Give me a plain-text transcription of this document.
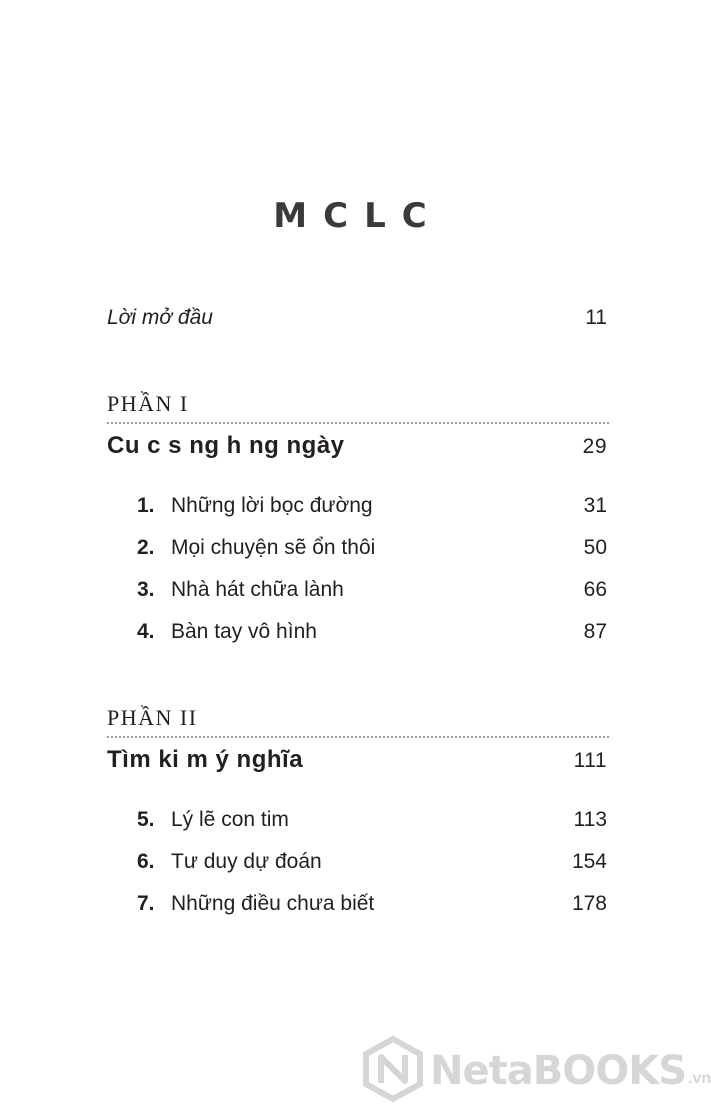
MCLC
Lời mở đầu	11
PHẦN I
Cu c s ng h ng ngày	29
1. Những lời bọc đường	31
2. Mọi chuyện sẽ ổn thôi	50
3. Nhà hát chữa lành	66
4. Bàn tay vô hình	87
PHẦN II
Tìm ki m ý nghĩa	111
5. Lý lẽ con tim	113
6. Tư duy dự đoán	154
7. Những điều chưa biết	178
NetaBOOKS .vn
